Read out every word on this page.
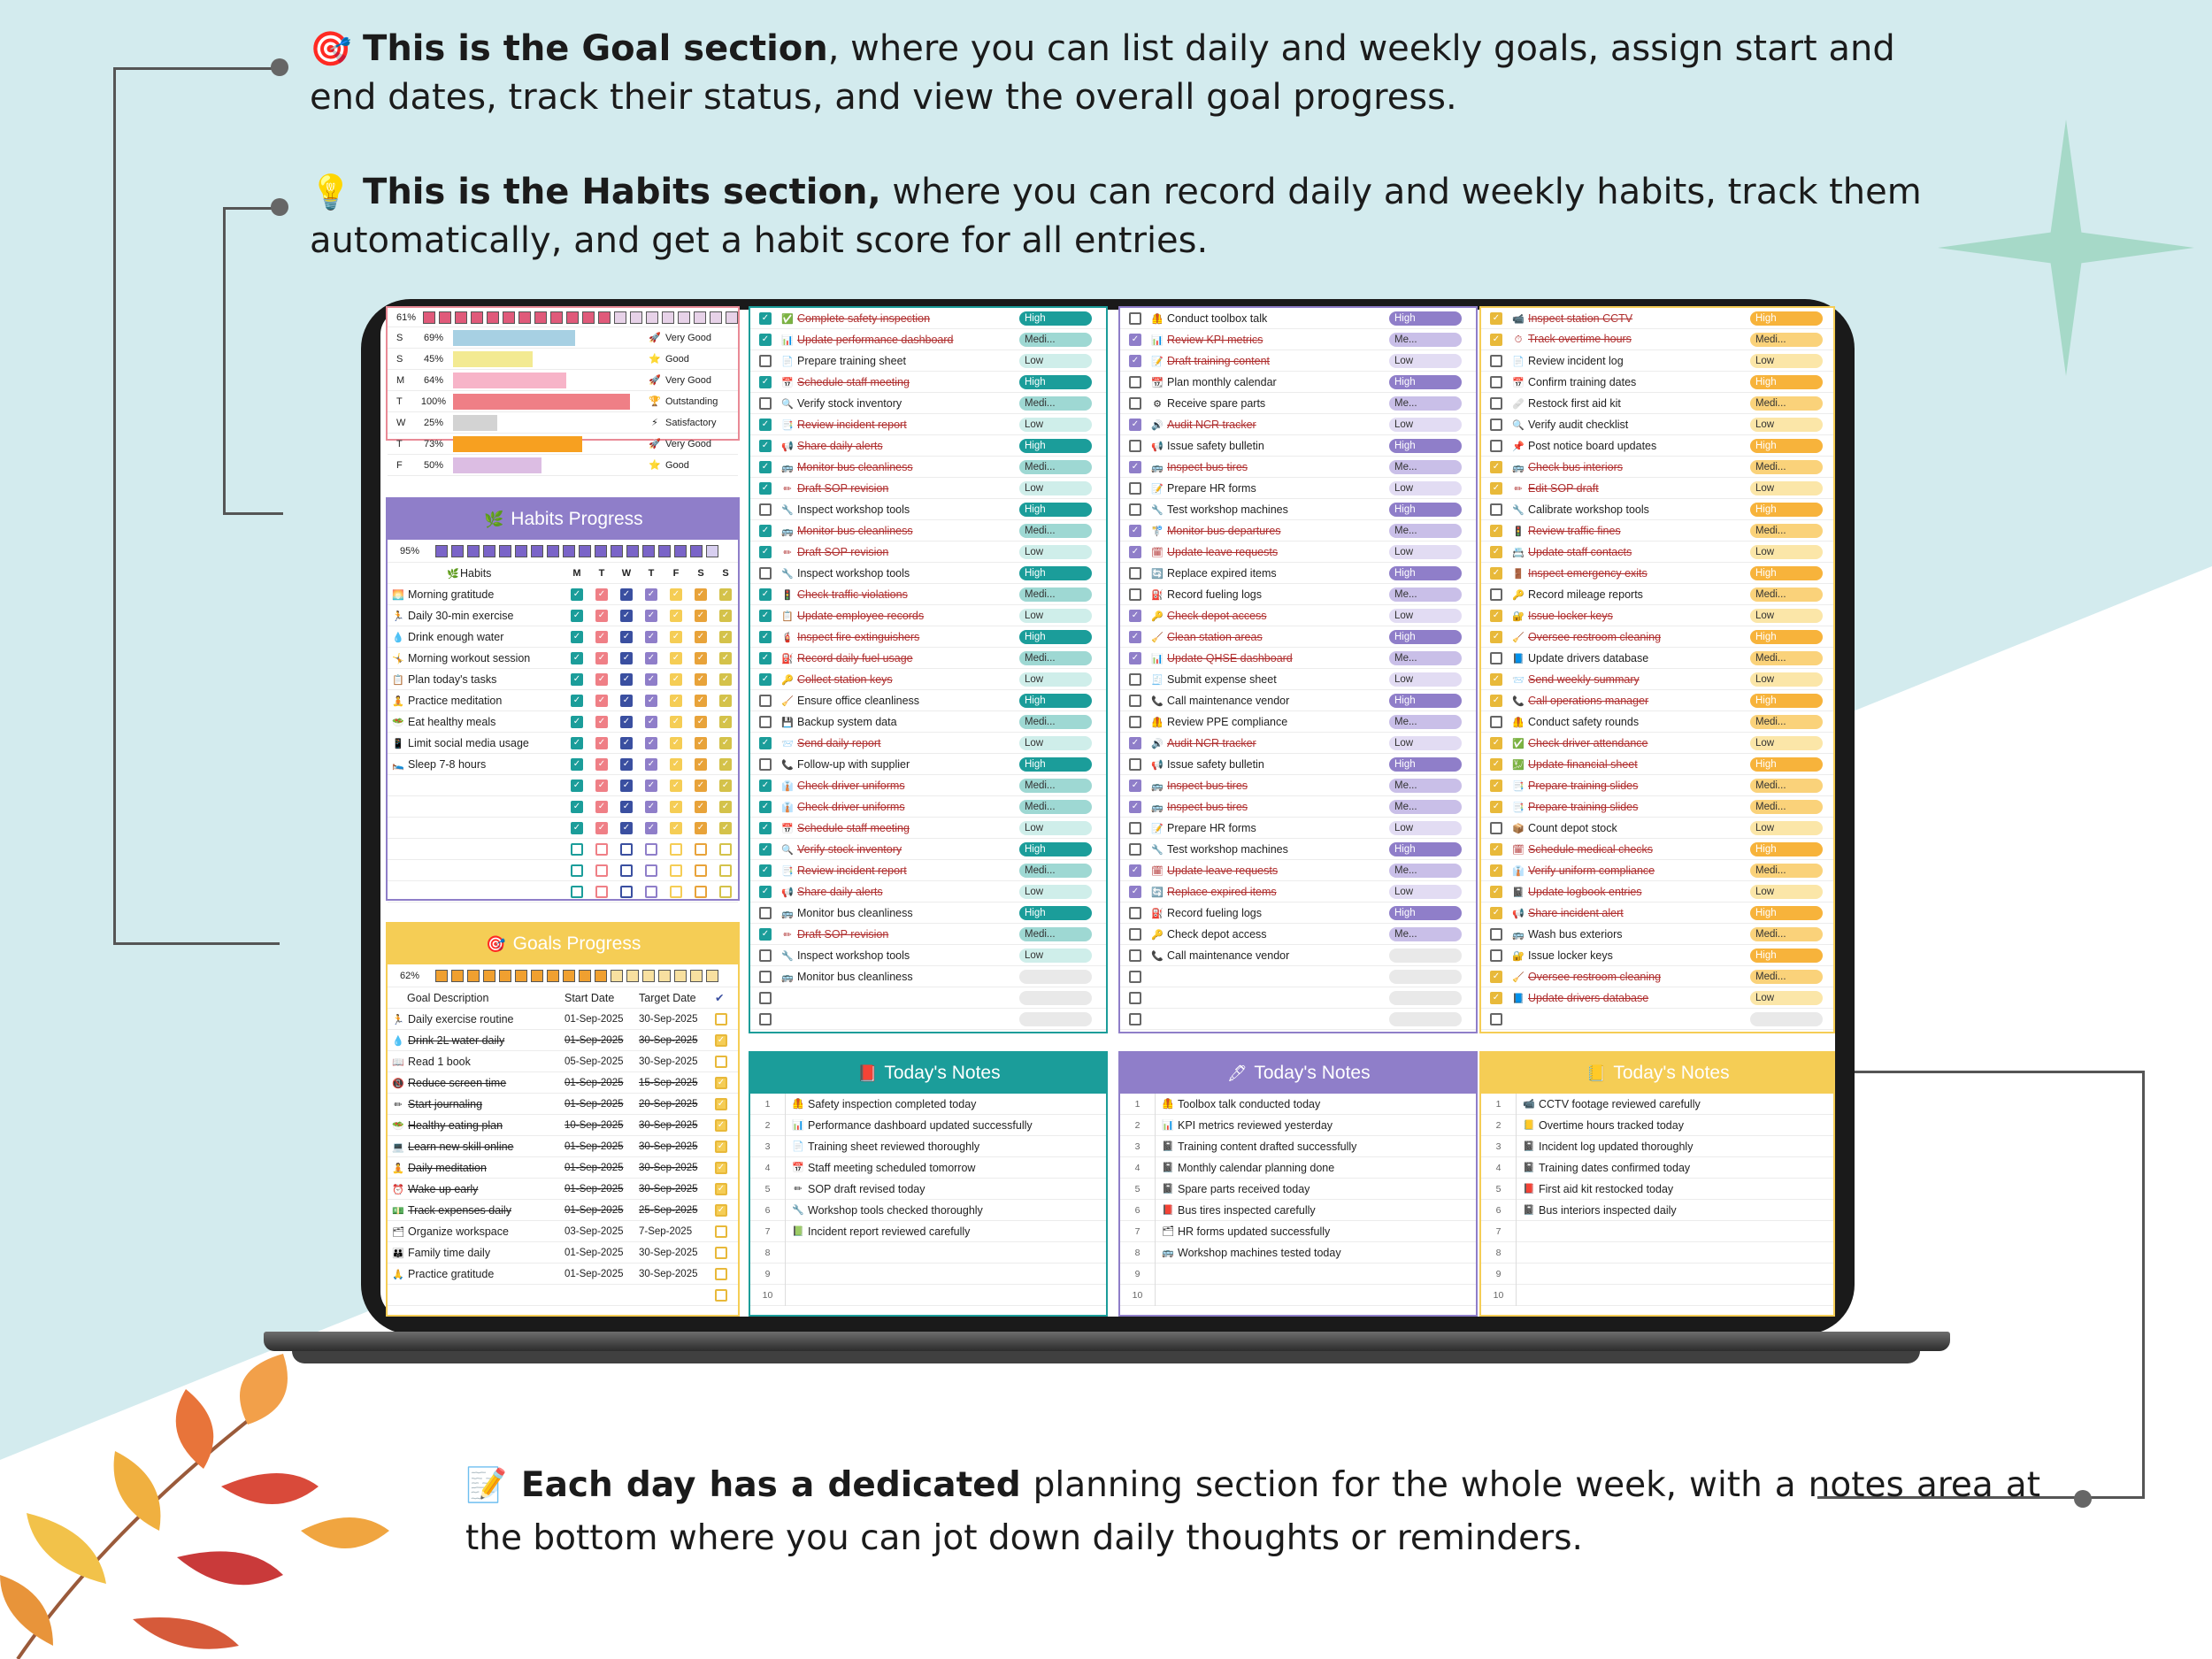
🎯 This is the Goal section, where you can list daily and weekly goals, assign start and end dates, track their status, and view the overall goal progress.
💡 This is the Habits section, where you can record daily and weekly habits, track them automatically, and get a habit score for all entries.
📝 Each day has a dedicated planning section for the whole week, with a notes area at the bottom where you can jot down daily thoughts or reminders.
61%
S	69%	🚀 Very Good
S	45%	⭐ Good
M	64%	🚀 Very Good
T	100%	🏆 Outstanding
W	25%	⚡ Satisfactory
T	73%	🚀 Very Good
F	50%	⭐ Good
🌿 Habits Progress
95%
🌿Habits	M	T	W	T	F	S	S
🌅 Morning gratitude	✓ ✓ ✓ ✓ ✓ ✓ ✓
🏃 Daily 30-min exercise	✓ ✓ ✓ ✓ ✓ ✓ ✓
💧 Drink enough water	✓ ✓ ✓ ✓ ✓ ✓ ✓
🤸 Morning workout session	✓ ✓ ✓ ✓ ✓ ✓ ✓
📋 Plan today's tasks	✓ ✓ ✓ ✓ ✓ ✓ ✓
🧘 Practice meditation	✓ ✓ ✓ ✓ ✓ ✓ ✓
🥗 Eat healthy meals	✓ ✓ ✓ ✓ ✓ ✓ ✓
📱 Limit social media usage	✓ ✓ ✓ ✓ ✓ ✓ ✓
🛌 Sleep 7-8 hours	✓ ✓ ✓ ✓ ✓ ✓ ✓
✓ ✓ ✓ ✓ ✓ ✓ ✓
✓ ✓ ✓ ✓ ✓ ✓ ✓
✓ ✓ ✓ ✓ ✓ ✓ ✓
🎯 Goals Progress
62%
Goal Description	Start Date	Target Date	✔
🏃 Daily exercise routine	01-Sep-2025	30-Sep-2025
💧 Drink 2L water daily	01-Sep-2025	30-Sep-2025	✓
📖 Read 1 book	05-Sep-2025	30-Sep-2025
📵 Reduce screen time	01-Sep-2025	15-Sep-2025	✓
✏ Start journaling	01-Sep-2025	20-Sep-2025	✓
🥗 Healthy eating plan	10-Sep-2025	30-Sep-2025	✓
💻 Learn new skill online	01-Sep-2025	30-Sep-2025	✓
🧘 Daily meditation	01-Sep-2025	30-Sep-2025	✓
⏰ Wake up early	01-Sep-2025	30-Sep-2025	✓
💵 Track expenses daily	01-Sep-2025	25-Sep-2025	✓
🗂 Organize workspace	03-Sep-2025	7-Sep-2025
👪 Family time daily	01-Sep-2025	30-Sep-2025
🙏 Practice gratitude	01-Sep-2025	30-Sep-2025
✓ ✅ Complete safety inspection	High
✓ 📊 Update performance dashboard	Medi...
📄 Prepare training sheet	Low
✓ 📅 Schedule staff meeting	High
🔍 Verify stock inventory	Medi...
✓ 📑 Review incident report	Low
✓ 📢 Share daily alerts	High
✓ 🚌 Monitor bus cleanliness	Medi...
✓	✏ Draft SOP revision	Low
🔧 Inspect workshop tools	High
✓ 🚌 Monitor bus cleanliness	Medi...
✓	✏ Draft SOP revision	Low
🔧 Inspect workshop tools	High
✓ 🚦 Check traffic violations	Medi...
✓ 📋 Update employee records	Low
✓ 🧯 Inspect fire extinguishers	High
✓ ⛽ Record daily fuel usage	Medi...
✓ 🔑 Collect station keys	Low
🧹 Ensure office cleanliness	High
💾 Backup system data	Medi...
✓ 📨 Send daily report	Low
📞 Follow-up with supplier	High
✓ 👔 Check driver uniforms	Medi...
✓ 👔 Check driver uniforms	Medi...
✓ 📅 Schedule staff meeting	Low
✓ 🔍 Verify stock inventory	High
✓ 📑 Review incident report	Medi...
✓ 📢 Share daily alerts	Low
🚌 Monitor bus cleanliness	High
✓	✏ Draft SOP revision	Medi...
🔧 Inspect workshop tools	Low
🚌 Monitor bus cleanliness
🦺 Conduct toolbox talk	High
✓ 📊 Review KPI metrics	Me...
✓ 📝 Draft training content	Low
📆 Plan monthly calendar	High
⚙ Receive spare parts	Me...
✓ 🔊 Audit NCR tracker	Low
📢 Issue safety bulletin	High
✓ 🚌 Inspect bus tires	Me...
📝 Prepare HR forms	Low
🔧 Test workshop machines	High
✓ 🚏 Monitor bus departures	Me...
✓ 🗓 Update leave requests	Low
🔄 Replace expired items	High
⛽ Record fueling logs	Me...
✓ 🔑 Check depot access	Low
✓ 🧹 Clean station areas	High
✓ 📊 Update QHSE dashboard	Me...
🧾 Submit expense sheet	Low
📞 Call maintenance vendor	High
🦺 Review PPE compliance	Me...
✓ 🔊 Audit NCR tracker	Low
📢 Issue safety bulletin	High
✓ 🚌 Inspect bus tires	Me...
✓ 🚌 Inspect bus tires	Me...
📝 Prepare HR forms	Low
🔧 Test workshop machines	High
✓ 🗓 Update leave requests	Me...
✓ 🔄 Replace expired items	Low
⛽ Record fueling logs	High
🔑 Check depot access	Me...
📞 Call maintenance vendor
✓ 📹 Inspect station CCTV	High
✓	⏱ Track overtime hours	Medi...
📄 Review incident log	Low
📅 Confirm training dates	High
🩹 Restock first aid kit	Medi...
🔍 Verify audit checklist	Low
📌 Post notice board updates	High
✓ 🚌 Check bus interiors	Medi...
✓	✏ Edit SOP draft	Low
🔧 Calibrate workshop tools	High
✓ 🚦 Review traffic fines	Medi...
✓ 📇 Update staff contacts	Low
✓ 🚪 Inspect emergency exits	High
🔑 Record mileage reports	Medi...
✓ 🔐 Issue locker keys	Low
✓ 🧹 Oversee restroom cleaning	High
📘 Update drivers database	Medi...
✓ 📨 Send weekly summary	Low
✓ 📞 Call operations manager	High
🦺 Conduct safety rounds	Medi...
✓ ✅ Check driver attendance	Low
✓ 💹 Update financial sheet	High
✓ 📑 Prepare training slides	Medi...
✓ 📑 Prepare training slides	Medi...
📦 Count depot stock	Low
✓ 🗓 Schedule medical checks	High
✓ 👔 Verify uniform compliance	Medi...
✓ 📓 Update logbook entries	Low
✓ 📢 Share incident alert	High
🚌 Wash bus exteriors	Medi...
🔐 Issue locker keys	High
✓ 🧹 Oversee restroom cleaning	Medi...
✓ 📘 Update drivers database	Low
📕 Today's Notes
1	🦺 Safety inspection completed today
2	📊 Performance dashboard updated successfully
3	📄 Training sheet reviewed thoroughly
4	📅 Staff meeting scheduled tomorrow
5	✏ SOP draft revised today
6	🔧 Workshop tools checked thoroughly
7	📗 Incident report reviewed carefully
8
9
10
🖋 Today's Notes
1	🦺 Toolbox talk conducted today
2	📊 KPI metrics reviewed yesterday
3	📓 Training content drafted successfully
4	📓 Monthly calendar planning done
5	📓 Spare parts received today
6	📕 Bus tires inspected carefully
7	🗂 HR forms updated successfully
8	🚌 Workshop machines tested today
9
10
📒 Today's Notes
1	📹 CCTV footage reviewed carefully
2	📒 Overtime hours tracked today
3	📓 Incident log updated thoroughly
4	📓 Training dates confirmed today
5	📕 First aid kit restocked today
6	📓 Bus interiors inspected daily
7
8
9
10
